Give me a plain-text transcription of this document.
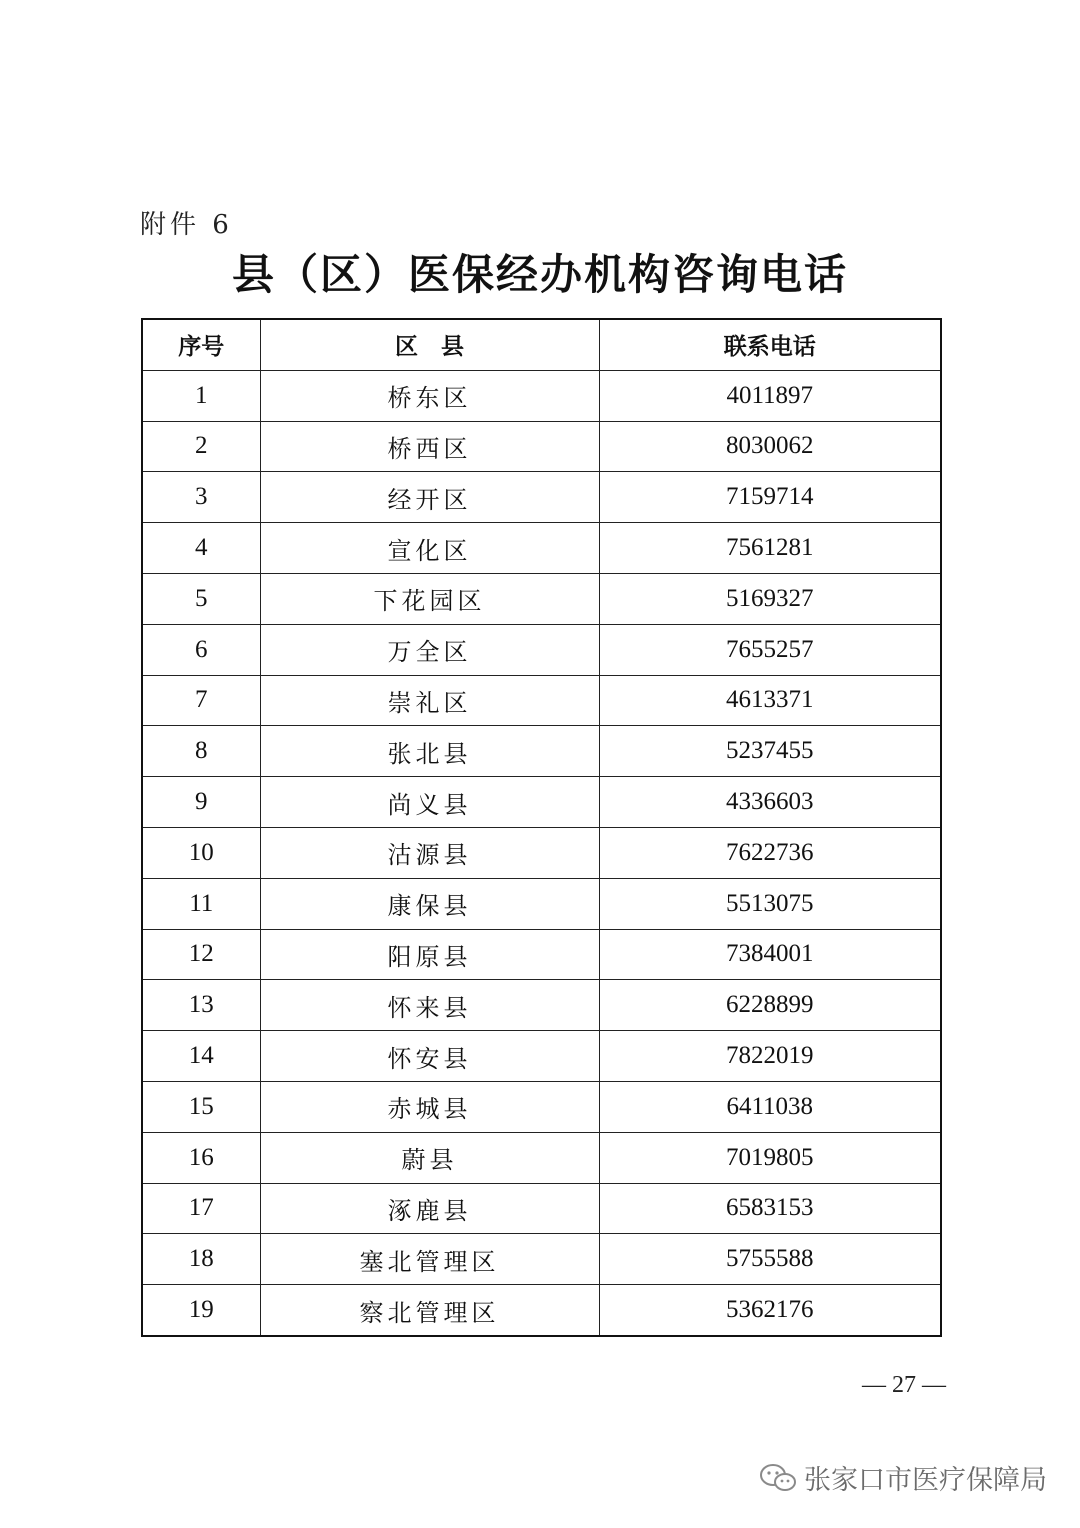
附件 6
县（区）医保经办机构咨询电话
序号	区　县	联系电话
1	桥东区	4011897
2	桥西区	8030062
3	经开区	7159714
4	宣化区	7561281
5	下花园区	5169327
6	万全区	7655257
7	崇礼区	4613371
8	张北县	5237455
9	尚义县	4336603
10	沽源县	7622736
11	康保县	5513075
12	阳原县	7384001
13	怀来县	6228899
14	怀安县	7822019
15	赤城县	6411038
16	蔚县	7019805
17	涿鹿县	6583153
18	塞北管理区	5755588
19	察北管理区	5362176
— 27 —
张家口市医疗保障局
